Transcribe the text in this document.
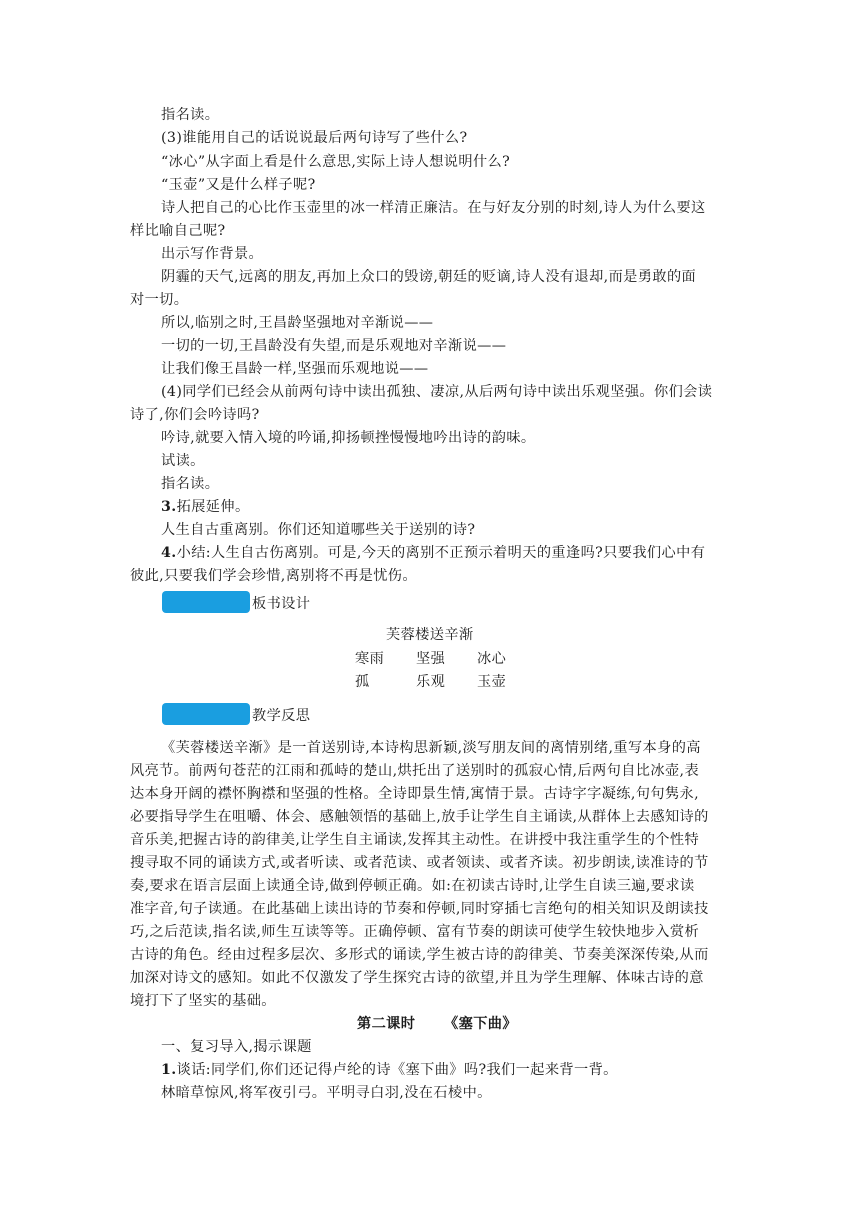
指名读。
(3)谁能用自己的话说说最后两句诗写了些什么?
“冰心”从字面上看是什么意思,实际上诗人想说明什么?
“玉壶”又是什么样子呢?
诗人把自己的心比作玉壶里的冰一样清正廉洁。在与好友分别的时刻,诗人为什么要这
样比喻自己呢?
出示写作背景。
阴霾的天气,远离的朋友,再加上众口的毁谤,朝廷的贬谪,诗人没有退却,而是勇敢的面
对一切。
所以,临别之时,王昌龄坚强地对辛渐说——
一切的一切,王昌龄没有失望,而是乐观地对辛渐说——
让我们像王昌龄一样,坚强而乐观地说——
(4)同学们已经会从前两句诗中读出孤独、凄凉,从后两句诗中读出乐观坚强。你们会读
诗了,你们会吟诗吗?
吟诗,就要入情入境的吟诵,抑扬顿挫慢慢地吟出诗的韵味。
试读。
指名读。
3.拓展延伸。
人生自古重离别。你们还知道哪些关于送别的诗?
4.小结:人生自古伤离别。可是,今天的离别不正预示着明天的重逢吗?只要我们心中有
彼此,只要我们学会珍惜,离别将不再是忧伤。
板书设计
芙蓉楼送辛渐
寒雨 坚强 冰心
孤	乐观 玉壶
教学反思
《芙蓉楼送辛渐》是一首送别诗,本诗构思新颖,淡写朋友间的离情别绪,重写本身的高
风亮节。前两句苍茫的江雨和孤峙的楚山,烘托出了送别时的孤寂心情,后两句自比冰壶,表
达本身开阔的襟怀胸襟和坚强的性格。全诗即景生情,寓情于景。古诗字字凝练,句句隽永,
必要指导学生在咀嚼、体会、感触领悟的基础上,放手让学生自主诵读,从群体上去感知诗的
音乐美,把握古诗的韵律美,让学生自主诵读,发挥其主动性。在讲授中我注重学生的个性特
搜寻取不同的诵读方式,或者听读、或者范读、或者领读、或者齐读。初步朗读,读准诗的节
奏,要求在语言层面上读通全诗,做到停顿正确。如:在初读古诗时,让学生自读三遍,要求读
准字音,句子读通。在此基础上读出诗的节奏和停顿,同时穿插七言绝句的相关知识及朗读技
巧,之后范读,指名读,师生互读等等。正确停顿、富有节奏的朗读可使学生较快地步入赏析
古诗的角色。经由过程多层次、多形式的诵读,学生被古诗的韵律美、节奏美深深传染,从而
加深对诗文的感知。如此不仅激发了学生探究古诗的欲望,并且为学生理解、体味古诗的意
境打下了坚实的基础。
第二课时 《塞下曲》
一、复习导入,揭示课题
1.谈话:同学们,你们还记得卢纶的诗《塞下曲》吗?我们一起来背一背。
林暗草惊风,将军夜引弓。平明寻白羽,没在石棱中。
